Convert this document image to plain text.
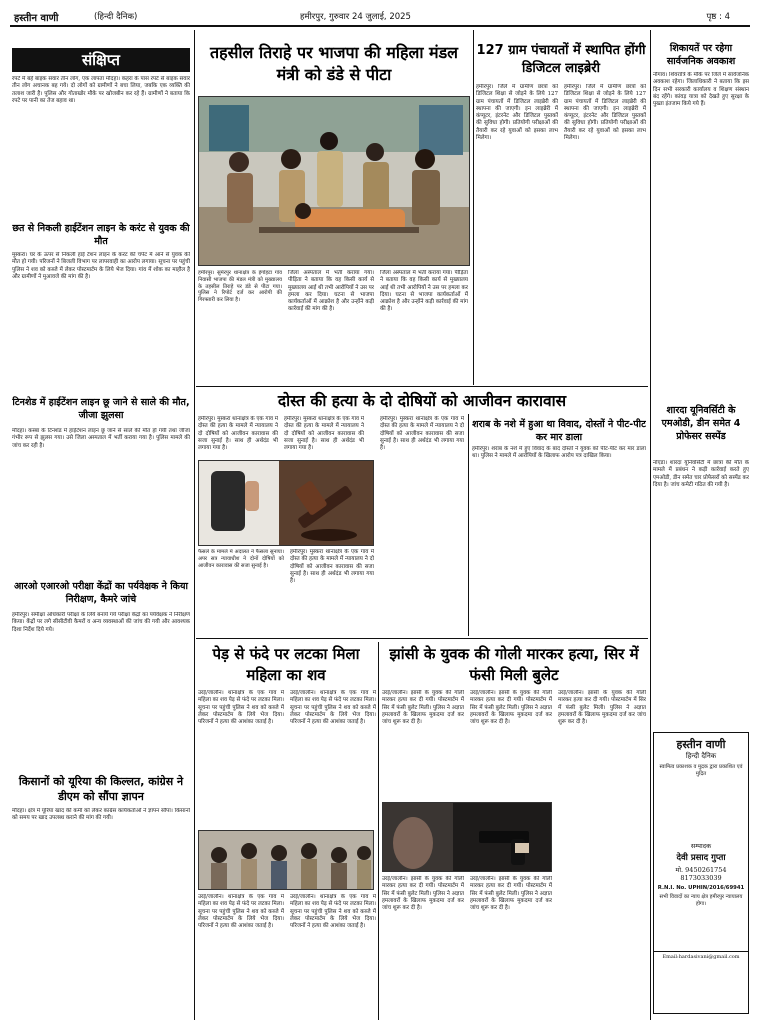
हस्तीन वाणी	(हिन्दी दैनिक)	हमीरपुर, गुरुवार 24 जुलाई, 2025	पृष्ठ : 4
संक्षिप्त
रपटे में बहे बाइक सवार तीन लोग, एक लापता मौदहा। कहरा के पास रपटे से बाइक सवार तीन लोग अचानक बह गये। दो लोगों को ग्रामीणों ने बचा लिया, जबकि एक व्यक्ति की तलाश जारी है। पुलिस और गोताखोर मौके पर खोजबीन कर रहे हैं। ग्रामीणों ने बताया कि रपटे पर पानी का तेज बहाव था।
छत से निकली हाईटेंशन लाइन के करंट से युवक की मौत
मुस्करा। घर के ऊपर से निकली हाई टेंशन लाइन के करंट की चपेट में आने से युवक की मौत हो गयी। परिजनों ने बिजली विभाग पर लापरवाही का आरोप लगाया। सूचना पर पहुंची पुलिस ने शव को कब्जे में लेकर पोस्टमार्टम के लिये भेज दिया। गांव में शोक का माहौल है और ग्रामीणों ने मुआवजे की मांग की है।
टिनशेड में हाईटेंशन लाइन छू जाने से साले की मौत, जीजा झुलसा
मौदहा। कस्बा के टिनशेड में हाईटेंशन लाइन छू जाने से साले की मौत हो गयी तथा जीजा गंभीर रूप से झुलस गया। उसे जिला अस्पताल में भर्ती कराया गया है। पुलिस मामले की जांच कर रही है।
आरओ एआरओ परीक्षा केंद्रों का पर्यवेक्षक ने किया निरीक्षण, कैमरे जांचे
हमीरपुर। समीक्षा अधिकारी परीक्षा के लिये बनाये गये परीक्षा केंद्रों का पर्यवेक्षक ने निरीक्षण किया। केंद्रों पर लगे सीसीटीवी कैमरों व अन्य व्यवस्थाओं की जांच की गयी और आवश्यक दिशा निर्देश दिये गये।
किसानों को यूरिया की किल्लत, कांग्रेस ने डीएम को सौंपा ज्ञापन
मौदहा। क्षेत्र में यूरिया खाद की कमी को लेकर कांग्रेस कार्यकर्ताओं ने ज्ञापन सौंपा। किसानों को समय पर खाद उपलब्ध कराने की मांग की गयी।
तहसील तिराहे पर भाजपा की महिला मंडल मंत्री को डंडे से पीटा
हमीरपुर। सुमेरपुर थानाक्षेत्र के इंगोहटा गांव निवासी भाजपा की मंडल मंत्री को मुख्यालय के तहसील तिराहे पर डंडे से पीटा गया। पुलिस ने रिपोर्ट दर्ज कर आरोपी की गिरफ्तारी कर लिया है।
जिला अस्पताल में भर्ती कराया गया। पीड़िता ने बताया कि वह किसी कार्य से मुख्यालय आई थी तभी आरोपियों ने उस पर हमला कर दिया। घटना से भाजपा कार्यकर्ताओं में आक्रोश है और उन्होंने कड़ी कार्रवाई की मांग की है।
जिला अस्पताल में भर्ती कराया गया। पीड़िता ने बताया कि वह किसी कार्य से मुख्यालय आई थी तभी आरोपियों ने उस पर हमला कर दिया। घटना से भाजपा कार्यकर्ताओं में आक्रोश है और उन्होंने कड़ी कार्रवाई की मांग की है।
127 ग्राम पंचायतों में स्थापित होंगी डिजिटल लाइब्रेरी
हमीरपुर। जिले में ग्रामीण छात्रों को डिजिटल शिक्षा से जोड़ने के लिये 127 ग्राम पंचायतों में डिजिटल लाइब्रेरी की स्थापना की जाएगी। इन लाइब्रेरी में कंप्यूटर, इंटरनेट और डिजिटल पुस्तकों की सुविधा होगी। प्रतियोगी परीक्षाओं की तैयारी कर रहे युवाओं को इसका लाभ मिलेगा।
हमीरपुर। जिले में ग्रामीण छात्रों को डिजिटल शिक्षा से जोड़ने के लिये 127 ग्राम पंचायतों में डिजिटल लाइब्रेरी की स्थापना की जाएगी। इन लाइब्रेरी में कंप्यूटर, इंटरनेट और डिजिटल पुस्तकों की सुविधा होगी। प्रतियोगी परीक्षाओं की तैयारी कर रहे युवाओं को इसका लाभ मिलेगा।
शिकायतें पर रहेगा सार्वजनिक अवकाश
नौगांव। शिवरात्रि के मौके पर जिले में सार्वजनिक अवकाश रहेगा। जिलाधिकारी ने बताया कि इस दिन सभी सरकारी कार्यालय व शिक्षण संस्थान बंद रहेंगे। कांवड़ यात्रा को देखते हुए सुरक्षा के पुख्ता इंतजाम किये गये हैं।
शारदा यूनिवर्सिटी के एमओडी, डीन समेत 4 प्रोफेसर सस्पेंड
नोएडा। शारदा यूनिवर्सिटी में छात्रा की मौत के मामले में प्रबंधन ने कड़ी कार्रवाई करते हुए एमओडी, डीन समेत चार प्रोफेसरों को सस्पेंड कर दिया है। जांच कमेटी गठित की गयी है।
हस्तीन वाणी
हिन्दी दैनिक
स्वामित्व प्रकाशक व मुद्रक द्वारा प्रकाशित एवं मुद्रित
सम्पादक
देवी प्रसाद गुप्ता
मो. 9450261754
8173033039
R.N.I. No. UPHIN/2016/69941
सभी विवादों का न्याय क्षेत्र हमीरपुर न्यायालय होगा।
Email:hardasivani@gmail.com
दोस्त की हत्या के दो दोषियों को आजीवन कारावास
हमीरपुर। मुस्करा थानाक्षेत्र के एक गांव में दोस्त की हत्या के मामले में न्यायालय ने दो दोषियों को आजीवन कारावास की सजा सुनाई है। साथ ही अर्थदंड भी लगाया गया है।
हमीरपुर। मुस्करा थानाक्षेत्र के एक गांव में दोस्त की हत्या के मामले में न्यायालय ने दो दोषियों को आजीवन कारावास की सजा सुनाई है। साथ ही अर्थदंड भी लगाया गया है।
फैसले के मामले में अदालत ने फैसला सुनाया। अपर सत्र न्यायाधीश ने दोनों दोषियों को आजीवन कारावास की सजा सुनाई है।
हमीरपुर। मुस्करा थानाक्षेत्र के एक गांव में दोस्त की हत्या के मामले में न्यायालय ने दो दोषियों को आजीवन कारावास की सजा सुनाई है। साथ ही अर्थदंड भी लगाया गया है।
हमीरपुर। मुस्करा थानाक्षेत्र के एक गांव में दोस्त की हत्या के मामले में न्यायालय ने दो दोषियों को आजीवन कारावास की सजा सुनाई है। साथ ही अर्थदंड भी लगाया गया है।
शराब के नशे में हुआ था विवाद, दोस्तों ने पीट-पीट कर मार डाला
हमीरपुर। शराब के नशे में हुए विवाद के बाद दोस्तों ने युवक को पीट-पीट कर मार डाला था। पुलिस ने मामले में आरोपियों के खिलाफ आरोप पत्र दाखिल किया।
पेड़ से फंदे पर लटका मिला महिला का शव
उरई/जालौन। थानाक्षेत्र के एक गांव में महिला का शव पेड़ से फंदे पर लटका मिला। सूचना पर पहुंची पुलिस ने शव को कब्जे में लेकर पोस्टमार्टम के लिये भेज दिया। परिजनों ने हत्या की आशंका जताई है।
उरई/जालौन। थानाक्षेत्र के एक गांव में महिला का शव पेड़ से फंदे पर लटका मिला। सूचना पर पहुंची पुलिस ने शव को कब्जे में लेकर पोस्टमार्टम के लिये भेज दिया। परिजनों ने हत्या की आशंका जताई है।
उरई/जालौन। थानाक्षेत्र के एक गांव में महिला का शव पेड़ से फंदे पर लटका मिला। सूचना पर पहुंची पुलिस ने शव को कब्जे में लेकर पोस्टमार्टम के लिये भेज दिया। परिजनों ने हत्या की आशंका जताई है।
उरई/जालौन। थानाक्षेत्र के एक गांव में महिला का शव पेड़ से फंदे पर लटका मिला। सूचना पर पहुंची पुलिस ने शव को कब्जे में लेकर पोस्टमार्टम के लिये भेज दिया। परिजनों ने हत्या की आशंका जताई है।
झांसी के युवक की गोली मारकर हत्या, सिर में फंसी मिली बुलेट
उरई/जालौन। झांसी के युवक की गोली मारकर हत्या कर दी गयी। पोस्टमार्टम में सिर में फंसी बुलेट मिली। पुलिस ने अज्ञात हमलावरों के खिलाफ मुकदमा दर्ज कर जांच शुरू कर दी है।
उरई/जालौन। झांसी के युवक की गोली मारकर हत्या कर दी गयी। पोस्टमार्टम में सिर में फंसी बुलेट मिली। पुलिस ने अज्ञात हमलावरों के खिलाफ मुकदमा दर्ज कर जांच शुरू कर दी है।
उरई/जालौन। झांसी के युवक की गोली मारकर हत्या कर दी गयी। पोस्टमार्टम में सिर में फंसी बुलेट मिली। पुलिस ने अज्ञात हमलावरों के खिलाफ मुकदमा दर्ज कर जांच शुरू कर दी है।
उरई/जालौन। झांसी के युवक की गोली मारकर हत्या कर दी गयी। पोस्टमार्टम में सिर में फंसी बुलेट मिली। पुलिस ने अज्ञात हमलावरों के खिलाफ मुकदमा दर्ज कर जांच शुरू कर दी है।
उरई/जालौन। झांसी के युवक की गोली मारकर हत्या कर दी गयी। पोस्टमार्टम में सिर में फंसी बुलेट मिली। पुलिस ने अज्ञात हमलावरों के खिलाफ मुकदमा दर्ज कर जांच शुरू कर दी है।
